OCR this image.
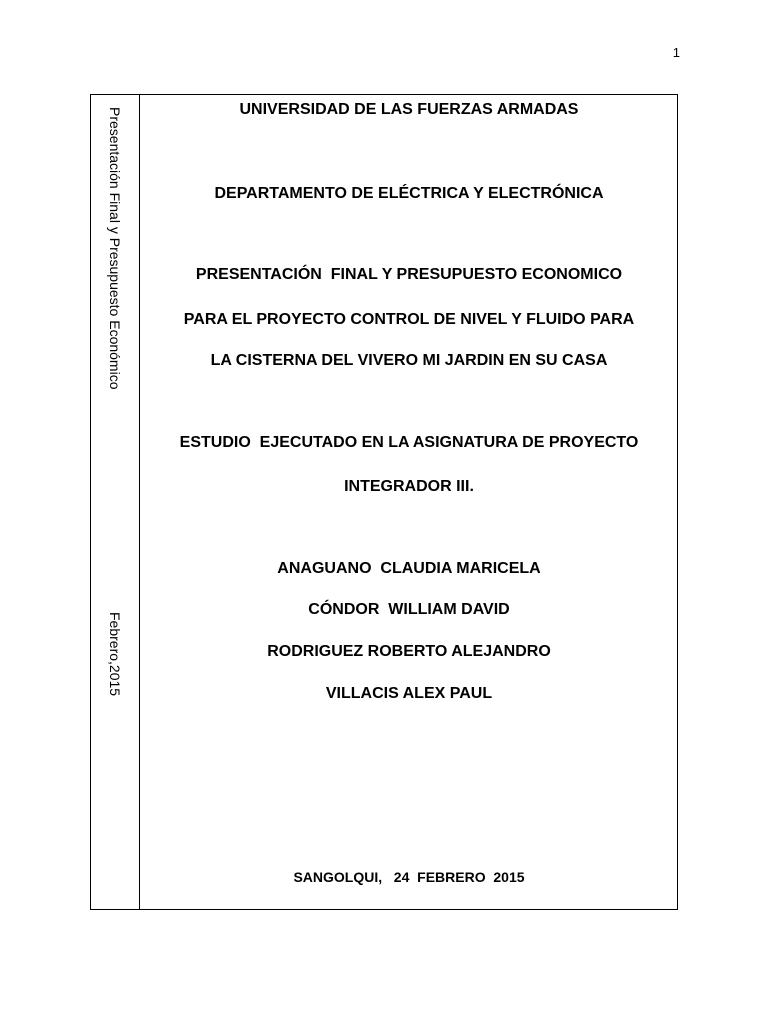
1
Presentación Final y Presupuesto Económico
Febrero,2015
UNIVERSIDAD DE LAS FUERZAS ARMADAS
DEPARTAMENTO DE ELÉCTRICA Y ELECTRÓNICA
PRESENTACIÓN  FINAL Y PRESUPUESTO ECONOMICO
PARA EL PROYECTO CONTROL DE NIVEL Y FLUIDO PARA
LA CISTERNA DEL VIVERO MI JARDIN EN SU CASA
ESTUDIO  EJECUTADO EN LA ASIGNATURA DE PROYECTO
INTEGRADOR III.
ANAGUANO  CLAUDIA MARICELA
CÓNDOR  WILLIAM DAVID
RODRIGUEZ ROBERTO ALEJANDRO
VILLACIS ALEX PAUL
SANGOLQUI,   24  FEBRERO  2015
